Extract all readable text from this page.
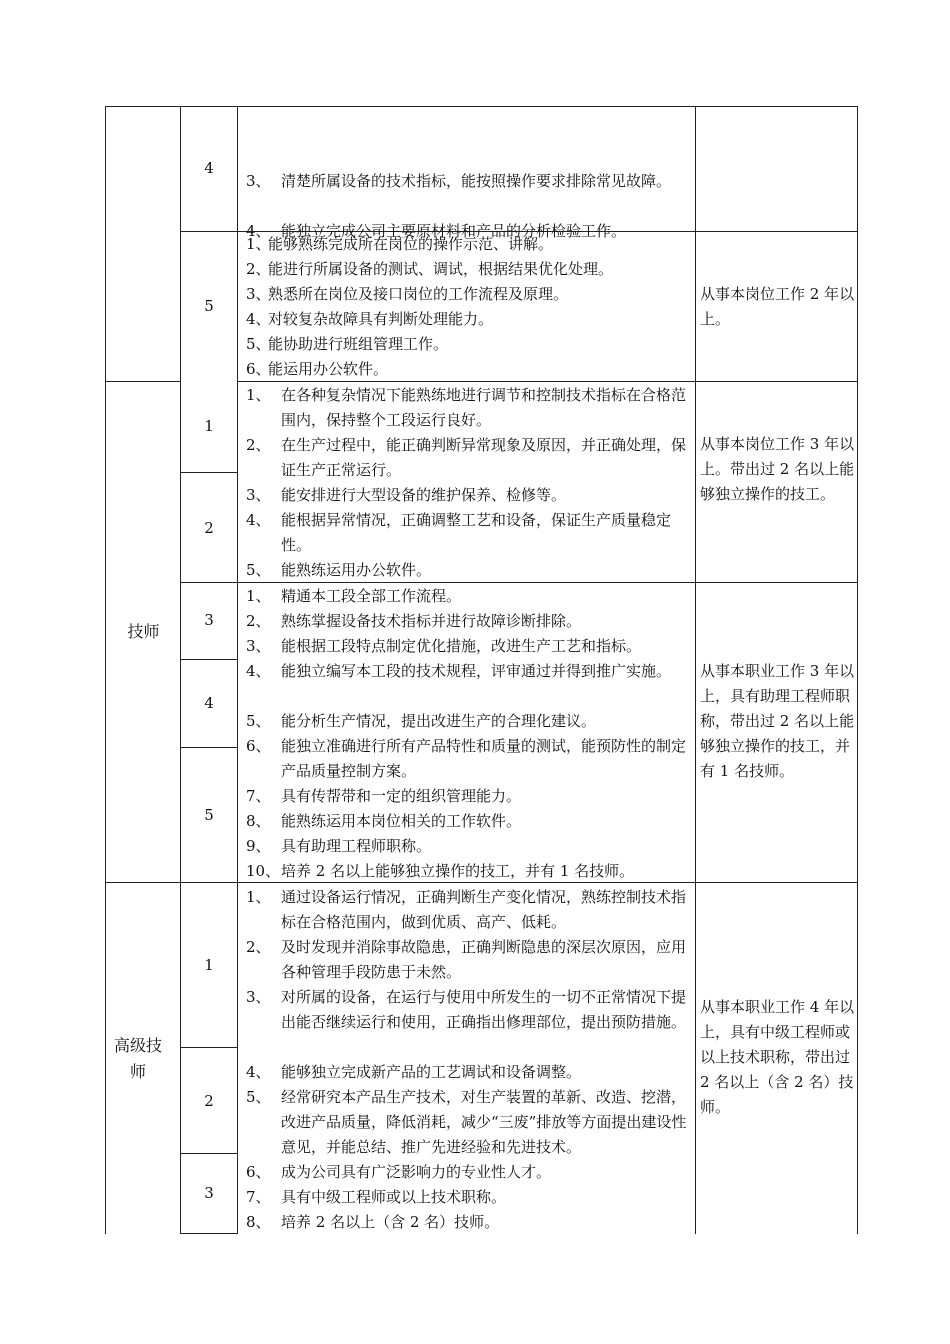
技师
高级技师
4
5
1
2
3
4
5
1
2
3
从事本岗位工作 2 年以上。
从事本岗位工作 3 年以上。带出过 2 名以上能够独立操作的技工。
从事本职业工作 3 年以上，具有助理工程师职称，带出过 2 名以上能够独立操作的技工，并有 1 名技师。
从事本职业工作 4 年以上，具有中级工程师或以上技术职称，带出过 2 名以上（含 2 名）技师。
3、 清楚所属设备的技术指标，能按照操作要求排除常见故障。
4、 能独立完成公司主要原材料和产品的分析检验工作。
1、
能够熟练完成所在岗位的操作示范、讲解。
2、
能进行所属设备的测试、调试，根据结果优化处理。
3、
熟悉所在岗位及接口岗位的工作流程及原理。
4、
对较复杂故障具有判断处理能力。
5、
能协助进行班组管理工作。
6、
能运用办公软件。
1、 在各种复杂情况下能熟练地进行调节和控制技术指标在合格范围内，保持整个工段运行良好。
2、 在生产过程中，能正确判断异常现象及原因，并正确处理，保证生产正常运行。
3、 能安排进行大型设备的维护保养、检修等。
4、 能根据异常情况，正确调整工艺和设备，保证生产质量稳定性。
5、 能熟练运用办公软件。
1、 精通本工段全部工作流程。
2、 熟练掌握设备技术指标并进行故障诊断排除。
3、 能根据工段特点制定优化措施，改进生产工艺和指标。
4、 能独立编写本工段的技术规程，评审通过并得到推广实施。
5、 能分析生产情况，提出改进生产的合理化建议。
6、 能独立准确进行所有产品特性和质量的测试，能预防性的制定产品质量控制方案。
7、 具有传帮带和一定的组织管理能力。
8、 能熟练运用本岗位相关的工作软件。
9、 具有助理工程师职称。
10、 培养 2 名以上能够独立操作的技工，并有 1 名技师。
1、 通过设备运行情况，正确判断生产变化情况，熟练控制技术指标在合格范围内，做到优质、高产、低耗。
2、 及时发现并消除事故隐患，正确判断隐患的深层次原因，应用各种管理手段防患于未然。
3、 对所属的设备，在运行与使用中所发生的一切不正常情况下提出能否继续运行和使用，正确指出修理部位，提出预防措施。
4、 能够独立完成新产品的工艺调试和设备调整。
5、 经常研究本产品生产技术，对生产装置的革新、改造、挖潜，改进产品质量，降低消耗，减少“三废”排放等方面提出建设性意见，并能总结、推广先进经验和先进技术。
6、 成为公司具有广泛影响力的专业性人才。
7、 具有中级工程师或以上技术职称。
8、 培养 2 名以上（含 2 名）技师。
